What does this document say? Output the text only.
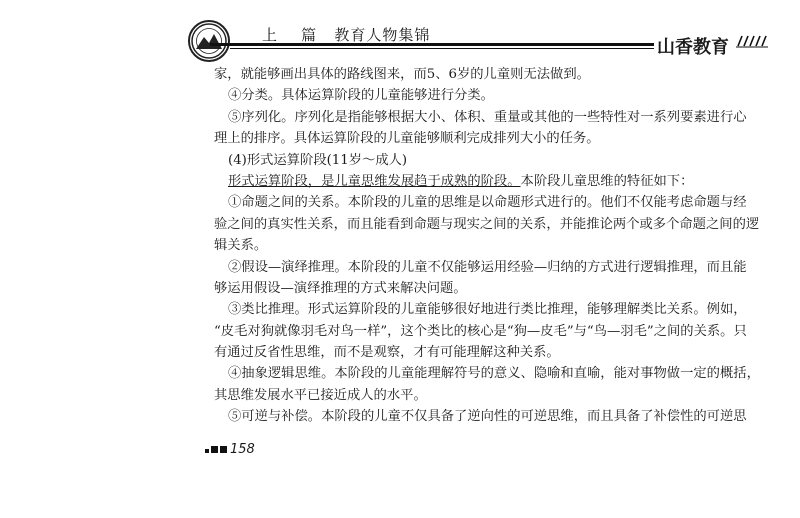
上    篇 教育人物集锦
山香教育
家，就能够画出具体的路线图来，而5、6岁的儿童则无法做到。
④分类。具体运算阶段的儿童能够进行分类。
⑤序列化。序列化是指能够根据大小、体积、重量或其他的一些特性对一系列要素进行心
理上的排序。具体运算阶段的儿童能够顺利完成排列大小的任务。
(4)形式运算阶段(11岁～成人)
形式运算阶段，是儿童思维发展趋于成熟的阶段。本阶段儿童思维的特征如下：
①命题之间的关系。本阶段的儿童的思维是以命题形式进行的。他们不仅能考虑命题与经
验之间的真实性关系，而且能看到命题与现实之间的关系，并能推论两个或多个命题之间的逻
辑关系。
②假设—演绎推理。本阶段的儿童不仅能够运用经验—归纳的方式进行逻辑推理，而且能
够运用假设—演绎推理的方式来解决问题。
③类比推理。形式运算阶段的儿童能够很好地进行类比推理，能够理解类比关系。例如，
“皮毛对狗就像羽毛对鸟一样”，这个类比的核心是“狗—皮毛”与“鸟—羽毛”之间的关系。只
有通过反省性思维，而不是观察，才有可能理解这种关系。
④抽象逻辑思维。本阶段的儿童能理解符号的意义、隐喻和直喻，能对事物做一定的概括，
其思维发展水平已接近成人的水平。
⑤可逆与补偿。本阶段的儿童不仅具备了逆向性的可逆思维，而且具备了补偿性的可逆思
158
